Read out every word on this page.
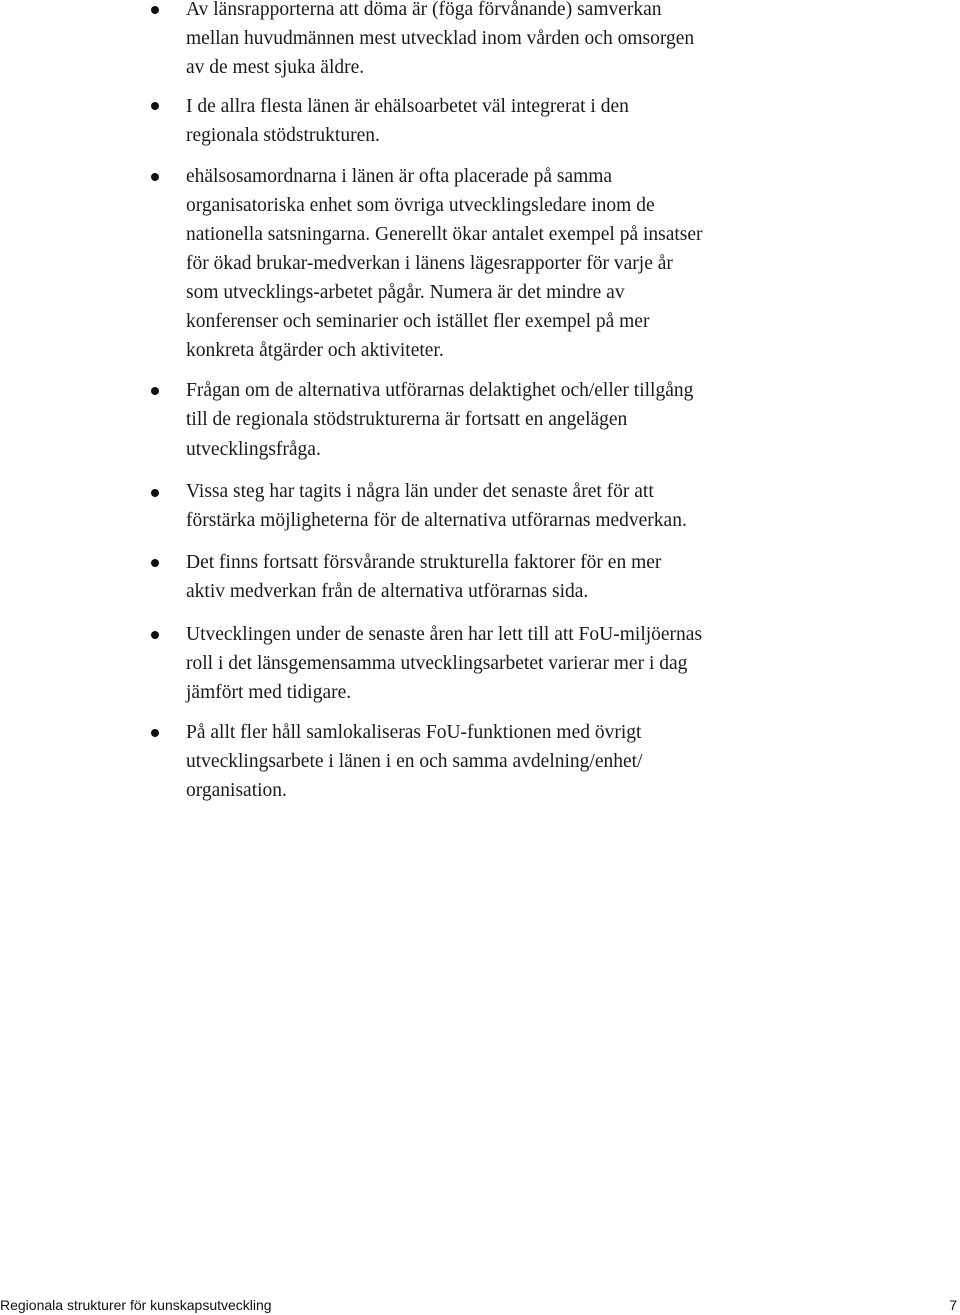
Av länsrapporterna att döma är (föga förvånande) samverkan
mellan huvudmännen mest utvecklad inom vården och omsorgen
av de mest sjuka äldre.
I de allra flesta länen är ehälsoarbetet väl integrerat i den
regionala stödstrukturen.
ehälsosamordnarna i länen är ofta placerade på samma
organisatoriska enhet som övriga utvecklingsledare inom de
nationella satsningarna. Generellt ökar antalet exempel på insatser
för ökad brukar-medverkan i länens lägesrapporter för varje år
som utvecklings-arbetet pågår. Numera är det mindre av
konferenser och seminarier och istället fler exempel på mer
konkreta åtgärder och aktiviteter.
Frågan om de alternativa utförarnas delaktighet och/eller tillgång
till de regionala stödstrukturerna är fortsatt en angelägen
utvecklingsfråga.
Vissa steg har tagits i några län under det senaste året för att
förstärka möjligheterna för de alternativa utförarnas medverkan.
Det finns fortsatt försvårande strukturella faktorer för en mer
aktiv medverkan från de alternativa utförarnas sida.
Utvecklingen under de senaste åren har lett till att FoU-miljöernas
roll i det länsgemensamma utvecklingsarbetet varierar mer i dag
jämfört med tidigare.
På allt fler håll samlokaliseras FoU-funktionen med övrigt
utvecklingsarbete i länen i en och samma avdelning/enhet/
organisation.
Regionala strukturer för kunskapsutveckling	7
